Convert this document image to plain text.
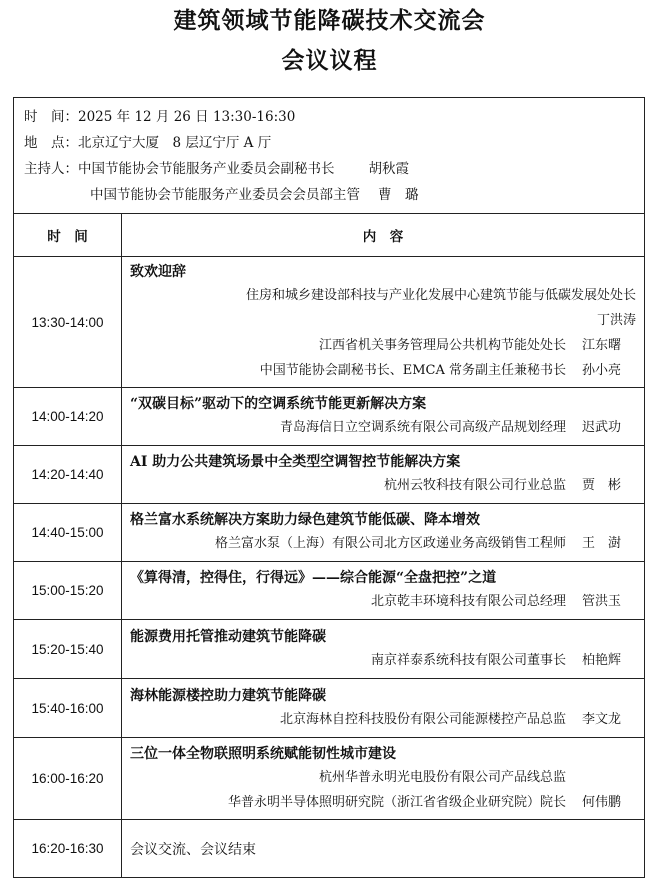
建筑领域节能降碳技术交流会
会议议程
时　间：2025 年 12 月 26 日 13:30-16:30
地　点：北京辽宁大厦　8 层辽宁厅 A 厅
主持人：中国节能协会节能服务产业委员会副秘书长 胡秋霞
中国节能协会节能服务产业委员会会员部主管 曹　璐	

时　间	内　容
13:30-14:00	致欢迎辞
住房和城乡建设部科技与产业化发展中心建筑节能与低碳发展处处长
丁洪涛
江西省机关事务管理局公共机构节能处处长 江东曙
中国节能协会副秘书长、EMCA 常务副主任兼秘书长 孙小亮

14:00-14:20	“双碳目标”驱动下的空调系统节能更新解决方案
青岛海信日立空调系统有限公司高级产品规划经理 迟武功

14:20-14:40	AI 助力公共建筑场景中全类型空调智控节能解决方案
杭州云牧科技有限公司行业总监 贾　彬

14:40-15:00	格兰富水系统解决方案助力绿色建筑节能低碳、降本增效
格兰富水泵（上海）有限公司北方区政递业务高级销售工程师 王　澍

15:00-15:20	《算得清，控得住，行得远》——综合能源“全盘把控”之道
北京乾丰环境科技有限公司总经理 管洪玉

15:20-15:40	能源费用托管推动建筑节能降碳
南京祥泰系统科技有限公司董事长 柏艳辉

15:40-16:00	海林能源楼控助力建筑节能降碳
北京海林自控科技股份有限公司能源楼控产品总监 李文龙

16:00-16:20	三位一体全物联照明系统赋能韧性城市建设
杭州华普永明光电股份有限公司产品线总监
华普永明半导体照明研究院（浙江省省级企业研究院）院长 何伟鹏

16:20-16:30	会议交流、会议结束
